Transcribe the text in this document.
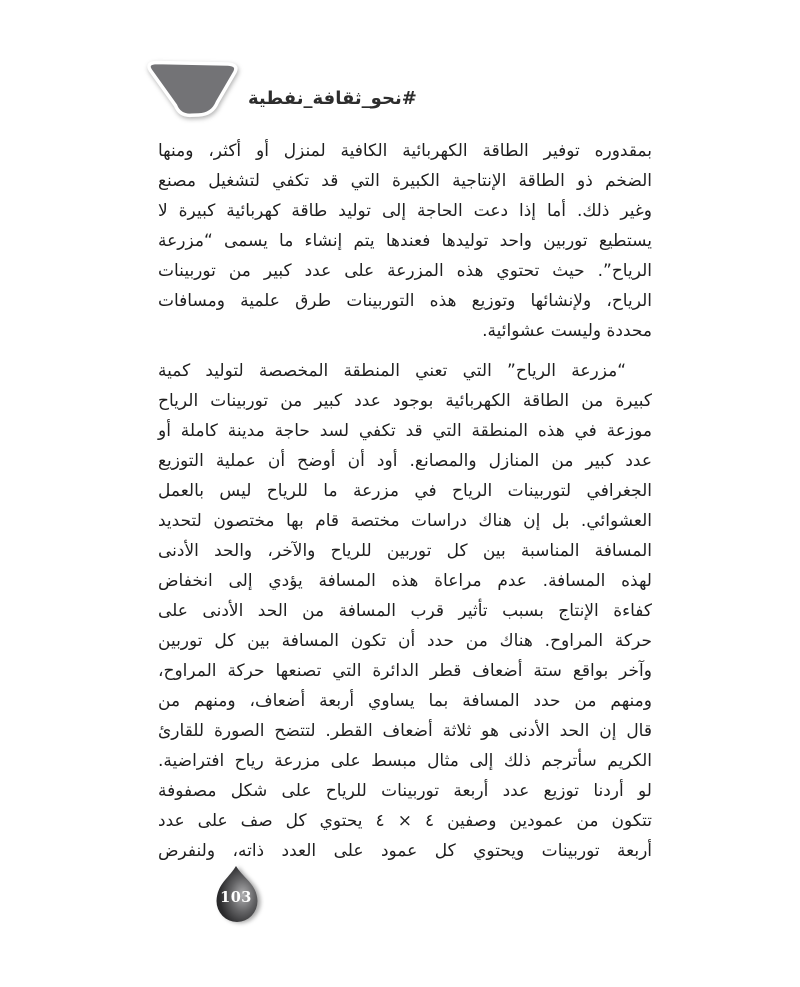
#نحو_ثقافة_نفطية
بمقدوره توفير الطاقة الكهربائية الكافية لمنزل أو أكثر، ومنها
الضخم ذو الطاقة الإنتاجية الكبيرة التي قد تكفي لتشغيل مصنع
وغير ذلك. أما إذا دعت الحاجة إلى توليد طاقة كهربائية كبيرة لا
يستطيع توربين واحد توليدها فعندها يتم إنشاء ما يسمى “مزرعة
الرياح”. حيث تحتوي هذه المزرعة على عدد كبير من توربينات
الرياح، ولإنشائها وتوزيع هذه التوربينات طرق علمية ومسافات
محددة وليست عشوائية.
“مزرعة الرياح” التي تعني المنطقة المخصصة لتوليد كمية
كبيرة من الطاقة الكهربائية بوجود عدد كبير من توربينات الرياح
موزعة في هذه المنطقة التي قد تكفي لسد حاجة مدينة كاملة أو
عدد كبير من المنازل والمصانع. أود أن أوضح أن عملية التوزيع
الجغرافي لتوربينات الرياح في مزرعة ما للرياح ليس بالعمل
العشوائي. بل إن هناك دراسات مختصة قام بها مختصون لتحديد
المسافة المناسبة بين كل توربين للرياح والآخر، والحد الأدنى
لهذه المسافة. عدم مراعاة هذه المسافة يؤدي إلى انخفاض
كفاءة الإنتاج بسبب تأثير قرب المسافة من الحد الأدنى على
حركة المراوح. هناك من حدد أن تكون المسافة بين كل توربين
وآخر بواقع ستة أضعاف قطر الدائرة التي تصنعها حركة المراوح،
ومنهم من حدد المسافة بما يساوي أربعة أضعاف، ومنهم من
قال إن الحد الأدنى هو ثلاثة أضعاف القطر. لتتضح الصورة للقارئ
الكريم سأترجم ذلك إلى مثال مبسط على مزرعة رياح افتراضية.
لو أردنا توزيع عدد أربعة توربينات للرياح على شكل مصفوفة
تتكون من عمودين وصفين ٤ × ٤ يحتوي كل صف على عدد
أربعة توربينات ويحتوي كل عمود على العدد ذاته، ولنفرض
103
